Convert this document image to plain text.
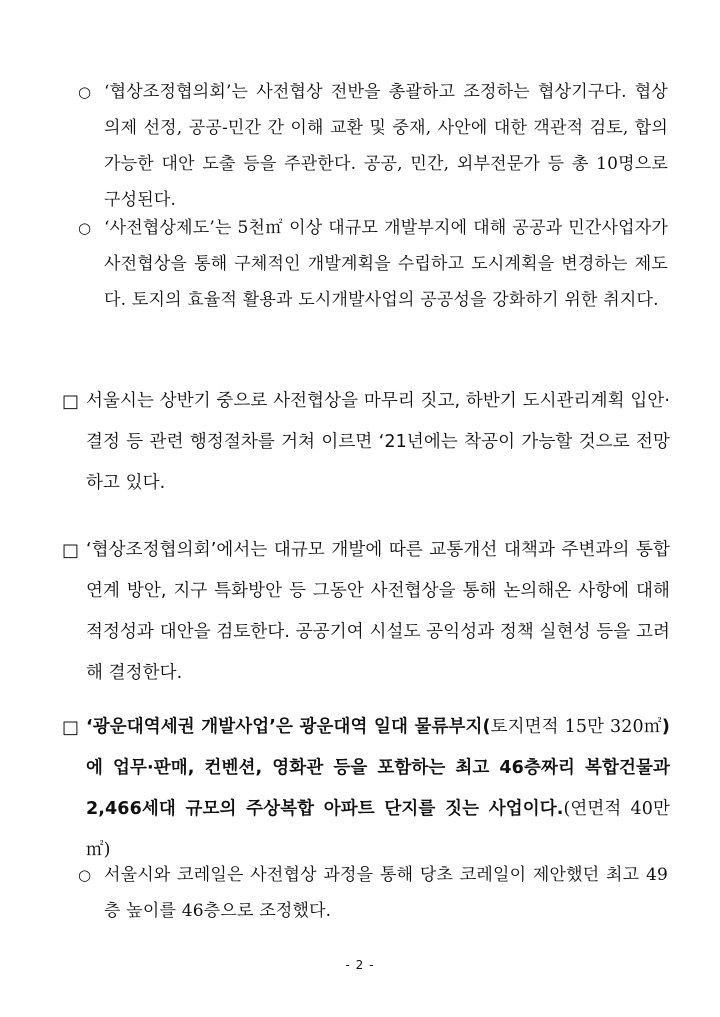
○ ‘협상조정협의회’는 사전협상 전반을 총괄하고 조정하는 협상기구다. 협상의제 선정, 공공-민간 간 이해 교환 및 중재, 사안에 대한 객관적 검토, 합의 가능한 대안 도출 등을 주관한다. 공공, 민간, 외부전문가 등 총 10명으로 구성된다.
○ ‘사전협상제도’는 5천㎡ 이상 대규모 개발부지에 대해 공공과 민간사업자가 사전협상을 통해 구체적인 개발계획을 수립하고 도시계획을 변경하는 제도다. 토지의 효율적 활용과 도시개발사업의 공공성을 강화하기 위한 취지다.
□ 서울시는 상반기 중으로 사전협상을 마무리 짓고, 하반기 도시관리계획 입안·결정 등 관련 행정절차를 거쳐 이르면 ‘21년에는 착공이 가능할 것으로 전망하고 있다.
□ ‘협상조정협의회’에서는 대규모 개발에 따른 교통개선 대책과 주변과의 통합연계 방안, 지구 특화방안 등 그동안 사전협상을 통해 논의해온 사항에 대해 적정성과 대안을 검토한다. 공공기여 시설도 공익성과 정책 실현성 등을 고려해 결정한다.
□ ‘광운대역세권 개발사업’은 광운대역 일대 물류부지(토지면적 15만 320㎡)에 업무·판매, 컨벤션, 영화관 등을 포함하는 최고 46층짜리 복합건물과 2,466세대 규모의 주상복합 아파트 단지를 짓는 사업이다.(연면적 40만㎡)
○ 서울시와 코레일은 사전협상 과정을 통해 당초 코레일이 제안했던 최고 49층 높이를 46층으로 조정했다.
- 2 -
